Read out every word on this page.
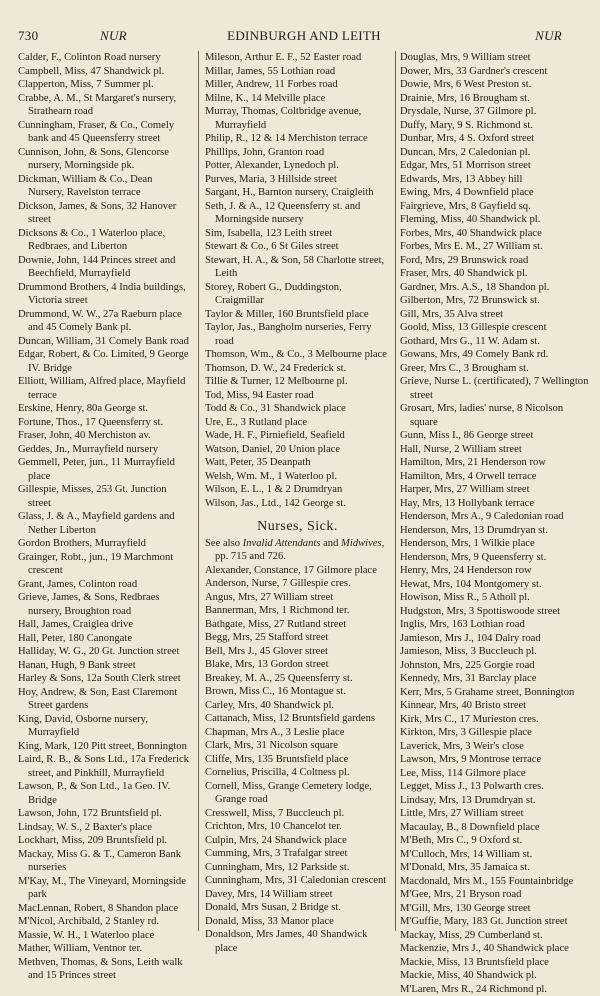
730	NUR	EDINBURGH AND LEITH	NUR
Calder, F., Colinton Road nursery
Campbell, Miss, 47 Shandwick pl.
Clapperton, Miss, 7 Summer pl.
Crabbe, A. M., St Margaret's nursery, Strathearn road
Cunningham, Fraser, & Co., Comely bank and 45 Queensferry street
Cunnison, John, & Sons, Glencorse nursery, Morningside pk.
Dickman, William & Co., Dean Nursery, Ravelston terrace
Dickson, James, & Sons, 32 Hanover street
Dicksons & Co., 1 Waterloo place, Redbraes, and Liberton
Downie, John, 144 Princes street and Beechfield, Murrayfield
Drummond Brothers, 4 India buildings, Victoria street
Drummond, W. W., 27a Raeburn place and 45 Comely Bank pl.
Duncan, William, 31 Comely Bank road
Edgar, Robert, & Co. Limited, 9 George IV. Bridge
Elliott, William, Alfred place, Mayfield terrace
Erskine, Henry, 80a George st.
Fortune, Thos., 17 Queensferry st.
Fraser, John, 40 Merchiston av.
Geddes, Jn., Murrayfield nursery
Gemmell, Peter, jun., 11 Murrayfield place
Gillespie, Misses, 253 Gt. Junction street
Glass, J. & A., Mayfield gardens and Nether Liberton
Gordon Brothers, Murrayfield
Grainger, Robt., jun., 19 Marchmont crescent
Grant, James, Colinton road
Grieve, James, & Sons, Redbraes nursery, Broughton road
Hall, James, Craiglea drive
Hall, Peter, 180 Canongate
Halliday, W. G., 20 Gt. Junction street
Hanan, Hugh, 9 Bank street
Harley & Sons, 12a South Clerk street
Hoy, Andrew, & Son, East Claremont Street gardens
King, David, Osborne nursery, Murrayfield
King, Mark, 120 Pitt street, Bonnington
Laird, R. B., & Sons Ltd., 17a Frederick street, and Pinkhill, Murrayfield
Lawson, P., & Son Ltd., 1a Geo. IV. Bridge
Lawson, John, 172 Bruntsfield pl.
Lindsay, W. S., 2 Baxter's place
Lockhart, Miss, 209 Bruntsfield pl.
Mackay, Miss G. & T., Cameron Bank nurseries
M'Kay, M., The Vineyard, Morningside park
MacLennan, Robert, 8 Shandon place
M'Nicol, Archibald, 2 Stanley rd.
Massie, W. H., 1 Waterloo place
Mather, William, Ventnor ter.
Methven, Thomas, & Sons, Leith walk and 15 Princes street
Mileson, Arthur E. F., 52 Easter road
Millar, James, 55 Lothian road
Miller, Andrew, 11 Forbes road
Milne, K., 14 Melville place
Murray, Thomas, Coltbridge avenue, Murrayfield
Philip, R., 12 & 14 Merchiston terrace
Phillips, John, Granton road
Potter, Alexander, Lynedoch pl.
Purves, Maria, 3 Hillside street
Sargant, H., Barnton nursery, Craigleith
Seth, J. & A., 12 Queensferry st. and Morningside nursery
Sim, Isabella, 123 Leith street
Stewart & Co., 6 St Giles street
Stewart, H. A., & Son, 58 Charlotte street, Leith
Storey, Robert G., Duddingston, Craigmillar
Taylor & Miller, 160 Bruntsfield place
Taylor, Jas., Bangholm nurseries, Ferry road
Thomson, Wm., & Co., 3 Melbourne place
Thomson, D. W., 24 Frederick st.
Tillie & Turner, 12 Melbourne pl.
Tod, Miss, 94 Easter road
Todd & Co., 31 Shandwick place
Ure, E., 3 Rutland place
Wade, H. F., Pirniefield, Seafield
Watson, Daniel, 20 Union place
Watt, Peter, 35 Deanpath
Welsh, Wm. M., 1 Waterloo pl.
Wilson, E. L., 1 & 2 Drumdryan
Wilson, Jas., Ltd., 142 George st.
Nurses, Sick.
See also Invalid Attendants and Midwives, pp. 715 and 726.
Alexander, Constance, 17 Gilmore place
Anderson, Nurse, 7 Gillespie cres.
Angus, Mrs, 27 William street
Bannerman, Mrs, 1 Richmond ter.
Bathgate, Miss, 27 Rutland street
Begg, Mrs, 25 Stafford street
Bell, Mrs J., 45 Glover street
Blake, Mrs, 13 Gordon street
Breakey, M. A., 25 Queensferry st.
Brown, Miss C., 16 Montague st.
Carley, Mrs, 40 Shandwick pl.
Cattanach, Miss, 12 Bruntsfield gardens
Chapman, Mrs A., 3 Leslie place
Clark, Mrs, 31 Nicolson square
Cliffe, Mrs, 135 Bruntsfield place
Cornelius, Priscilla, 4 Coltness pl.
Cornell, Miss, Grange Cemetery lodge, Grange road
Cresswell, Miss, 7 Buccleuch pl.
Crichton, Mrs, 10 Chancelot ter.
Culpin, Mrs, 24 Shandwick place
Cumming, Mrs, 3 Trafalgar street
Cunningham, Mrs, 12 Parkside st.
Cunningham, Mrs, 31 Caledonian crescent
Davey, Mrs, 14 William street
Donald, Mrs Susan, 2 Bridge st.
Donald, Miss, 33 Manor place
Donaldson, Mrs James, 40 Shandwick place
Douglas, Mrs, 9 William street
Dower, Mrs, 33 Gardner's crescent
Dowie, Mrs, 6 West Preston st.
Drainie, Mrs, 16 Brougham st.
Drysdale, Nurse, 37 Gilmore pl.
Duffy, Mary, 9 S. Richmond st.
Dunbar, Mrs, 4 S. Oxford street
Duncan, Mrs, 2 Caledonian pl.
Edgar, Mrs, 51 Morrison street
Edwards, Mrs, 13 Abbey hill
Ewing, Mrs, 4 Downfield place
Fairgrieve, Mrs, 8 Gayfield sq.
Fleming, Miss, 40 Shandwick pl.
Forbes, Mrs, 40 Shandwick place
Forbes, Mrs E. M., 27 William st.
Ford, Mrs, 29 Brunswick road
Fraser, Mrs, 40 Shandwick pl.
Gardner, Mrs. A.S., 18 Shandon pl.
Gilberton, Mrs, 72 Brunswick st.
Gill, Mrs, 35 Alva street
Goold, Miss, 13 Gillespie crescent
Gothard, Mrs G., 11 W. Adam st.
Gowans, Mrs, 49 Comely Bank rd.
Greer, Mrs C., 3 Brougham st.
Grieve, Nurse L. (certificated), 7 Wellington street
Grosart, Mrs, ladies' nurse, 8 Nicolson square
Gunn, Miss I., 86 George street
Hall, Nurse, 2 William street
Hamilton, Mrs, 21 Henderson row
Hamilton, Mrs, 4 Orwell terrace
Harper, Mrs, 27 William street
Hay, Mrs, 13 Hollybank terrace
Henderson, Mrs A., 9 Caledonian road
Henderson, Mrs, 13 Drumdryan st.
Henderson, Mrs, 1 Wilkie place
Henderson, Mrs, 9 Queensferry st.
Henry, Mrs, 24 Henderson row
Hewat, Mrs, 104 Montgomery st.
Howison, Miss R., 5 Atholl pl.
Hudgston, Mrs, 3 Spottiswoode street
Inglis, Mrs, 163 Lothian road
Jamieson, Mrs J., 104 Dalry road
Jamieson, Miss, 3 Buccleuch pl.
Johnston, Mrs, 225 Gorgie road
Kennedy, Mrs, 31 Barclay place
Kerr, Mrs, 5 Grahame street, Bonnington
Kinnear, Mrs, 40 Bristo street
Kirk, Mrs C., 17 Murieston cres.
Kirkton, Mrs, 3 Gillespie place
Laverick, Mrs, 3 Weir's close
Lawson, Mrs, 9 Montrose terrace
Lee, Miss, 114 Gilmore place
Legget, Miss J., 13 Polwarth cres.
Lindsay, Mrs, 13 Drumdryan st.
Little, Mrs, 27 William street
Macaulay, B., 8 Downfield place
M'Beth, Mrs C., 9 Oxford st.
M'Culloch, Mrs, 14 William st.
M'Donald, Mrs, 35 Jamaica st.
Macdonald, Mrs M., 155 Fountainbridge
M'Gee, Mrs, 21 Bryson road
M'Gill, Mrs, 130 George street
M'Guffie, Mary, 183 Gt. Junction street
Mackay, Miss, 29 Cumberland st.
Mackenzie, Mrs J., 40 Shandwick place
Mackie, Miss, 13 Bruntsfield place
Mackie, Miss, 40 Shandwick pl.
M'Laren, Mrs R., 24 Richmond pl.
